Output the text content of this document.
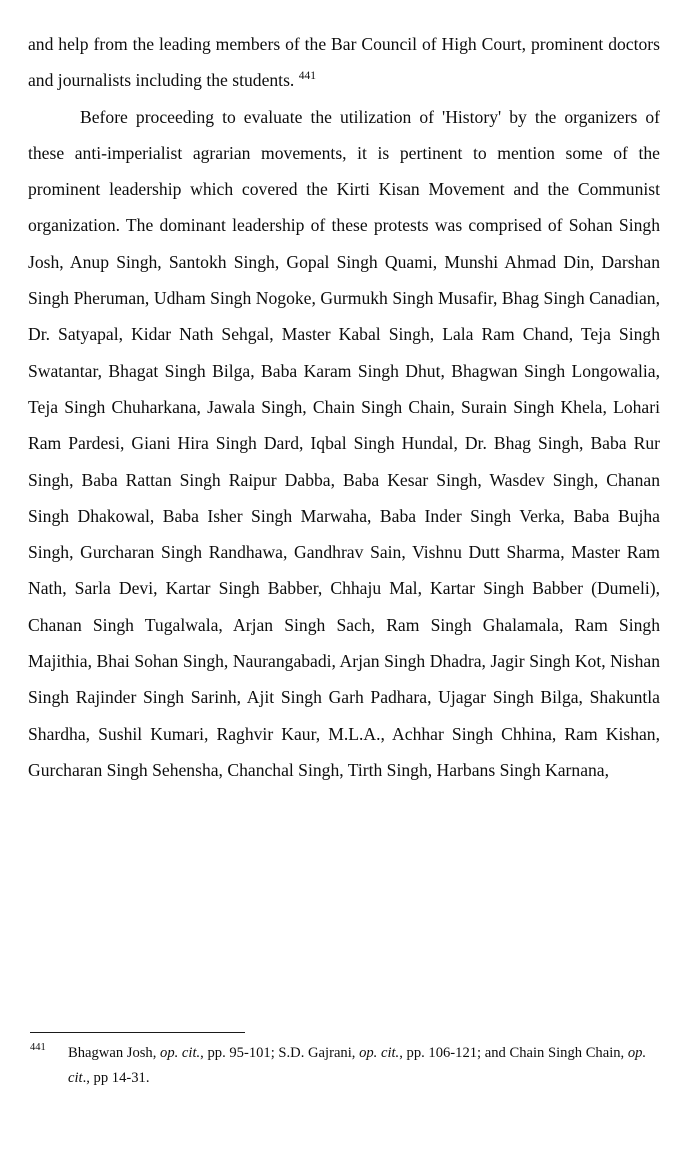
and help from the leading members of the Bar Council of High Court, prominent doctors and journalists including the students. $^{441}$

Before proceeding to evaluate the utilization of 'History' by the organizers of these anti-imperialist agrarian movements, it is pertinent to mention some of the prominent leadership which covered the Kirti Kisan Movement and the Communist organization. The dominant leadership of these protests was comprised of Sohan Singh Josh, Anup Singh, Santokh Singh, Gopal Singh Quami, Munshi Ahmad Din, Darshan Singh Pheruman, Udham Singh Nogoke, Gurmukh Singh Musafir, Bhag Singh Canadian, Dr. Satyapal, Kidar Nath Sehgal, Master Kabal Singh, Lala Ram Chand, Teja Singh Swatantar, Bhagat Singh Bilga, Baba Karam Singh Dhut, Bhagwan Singh Longowalia, Teja Singh Chuharkana, Jawala Singh, Chain Singh Chain, Surain Singh Khela, Lohari Ram Pardesi, Giani Hira Singh Dard, Iqbal Singh Hundal, Dr. Bhag Singh, Baba Rur Singh, Baba Rattan Singh Raipur Dabba, Baba Kesar Singh, Wasdev Singh, Chanan Singh Dhakowal, Baba Isher Singh Marwaha, Baba Inder Singh Verka, Baba Bujha Singh, Gurcharan Singh Randhawa, Gandhrav Sain, Vishnu Dutt Sharma, Master Ram Nath, Sarla Devi, Kartar Singh Babber, Chhaju Mal, Kartar Singh Babber (Dumeli), Chanan Singh Tugalwala, Arjan Singh Sach, Ram Singh Ghalamala, Ram Singh Majithia, Bhai Sohan Singh, Naurangabadi, Arjan Singh Dhadra, Jagir Singh Kot, Nishan Singh Rajinder Singh Sarinh, Ajit Singh Garh Padhara, Ujagar Singh Bilga, Shakuntla Shardha, Sushil Kumari, Raghvir Kaur, M.L.A., Achhar Singh Chhina, Ram Kishan, Gurcharan Singh Sehensha, Chanchal Singh, Tirth Singh, Harbans Singh Karnana,

441 Bhagwan Josh, op. cit., pp. 95-101; S.D. Gajrani, op. cit., pp. 106-121; and Chain Singh Chain, op. cit., pp 14-31.
